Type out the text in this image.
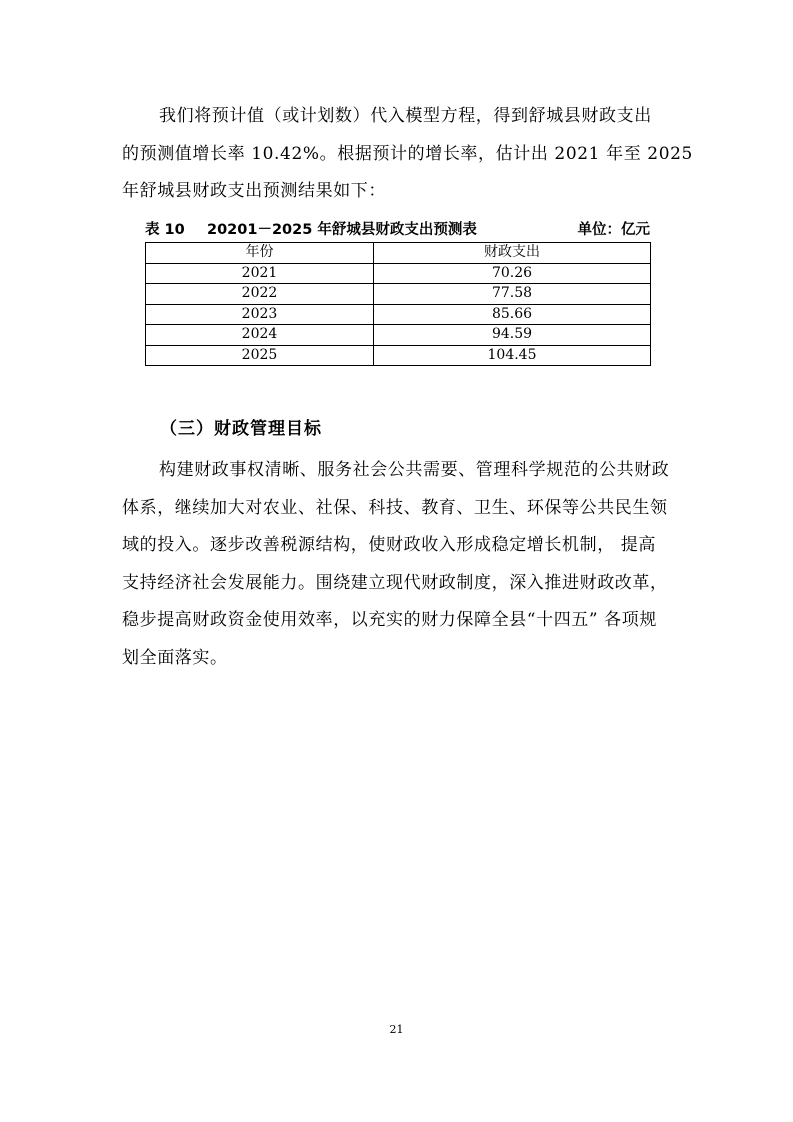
我们将预计值（或计划数）代入模型方程，得到舒城县财政支出
的预测值增长率 10.42%。根据预计的增长率，估计出 2021 年至 2025
年舒城县财政支出预测结果如下：
表 10 20201－2025 年舒城县财政支出预测表	单位：亿元
年份	财政支出
2021	70.26
2022	77.58
2023	85.66
2024	94.59
2025	104.45
（三）财政管理目标
构建财政事权清晰、服务社会公共需要、管理科学规范的公共财政
体系，继续加大对农业、社保、科技、教育、卫生、环保等公共民生领
域的投入。逐步改善税源结构，使财政收入形成稳定增长机制， 提高
支持经济社会发展能力。围绕建立现代财政制度，深入推进财政改革，
稳步提高财政资金使用效率，以充实的财力保障全县“十四五” 各项规
划全面落实。
21
